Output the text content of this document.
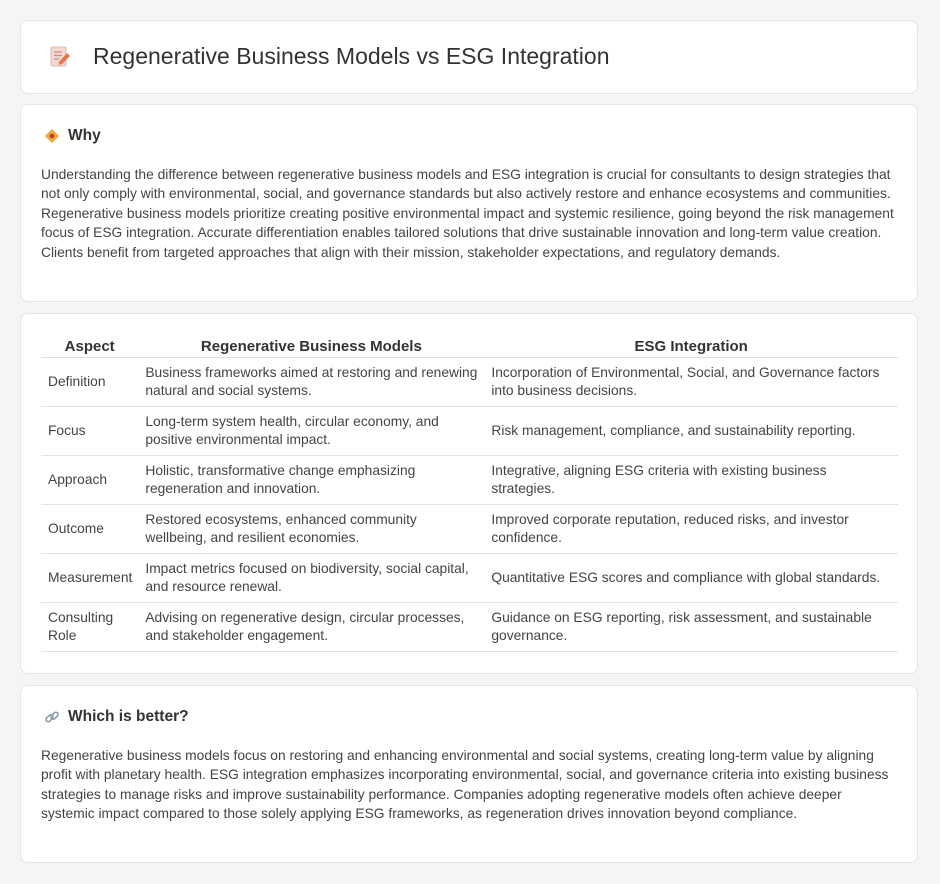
Regenerative Business Models vs ESG Integration
Why

Understanding the difference between regenerative business models and ESG integration is crucial for consultants to design strategies that not only comply with environmental, social, and governance standards but also actively restore and enhance ecosystems and communities. Regenerative business models prioritize creating positive environmental impact and systemic resilience, going beyond the risk management focus of ESG integration. Accurate differentiation enables tailored solutions that drive sustainable innovation and long-term value creation. Clients benefit from targeted approaches that align with their mission, stakeholder expectations, and regulatory demands.

Aspect	Regenerative Business Models	ESG Integration
Definition	Business frameworks aimed at restoring and renewing natural and social systems.	Incorporation of Environmental, Social, and Governance factors into business decisions.
Focus	Long-term system health, circular economy, and positive environmental impact.	Risk management, compliance, and sustainability reporting.
Approach	Holistic, transformative change emphasizing regeneration and innovation.	Integrative, aligning ESG criteria with existing business strategies.
Outcome	Restored ecosystems, enhanced community wellbeing, and resilient economies.	Improved corporate reputation, reduced risks, and investor confidence.
Measurement	Impact metrics focused on biodiversity, social capital, and resource renewal.	Quantitative ESG scores and compliance with global standards.
Consulting Role	Advising on regenerative design, circular processes, and stakeholder engagement.	Guidance on ESG reporting, risk assessment, and sustainable governance.
Which is better?

Regenerative business models focus on restoring and enhancing environmental and social systems, creating long-term value by aligning profit with planetary health. ESG integration emphasizes incorporating environmental, social, and governance criteria into existing business strategies to manage risks and improve sustainability performance. Companies adopting regenerative models often achieve deeper systemic impact compared to those solely applying ESG frameworks, as regeneration drives innovation beyond compliance.
